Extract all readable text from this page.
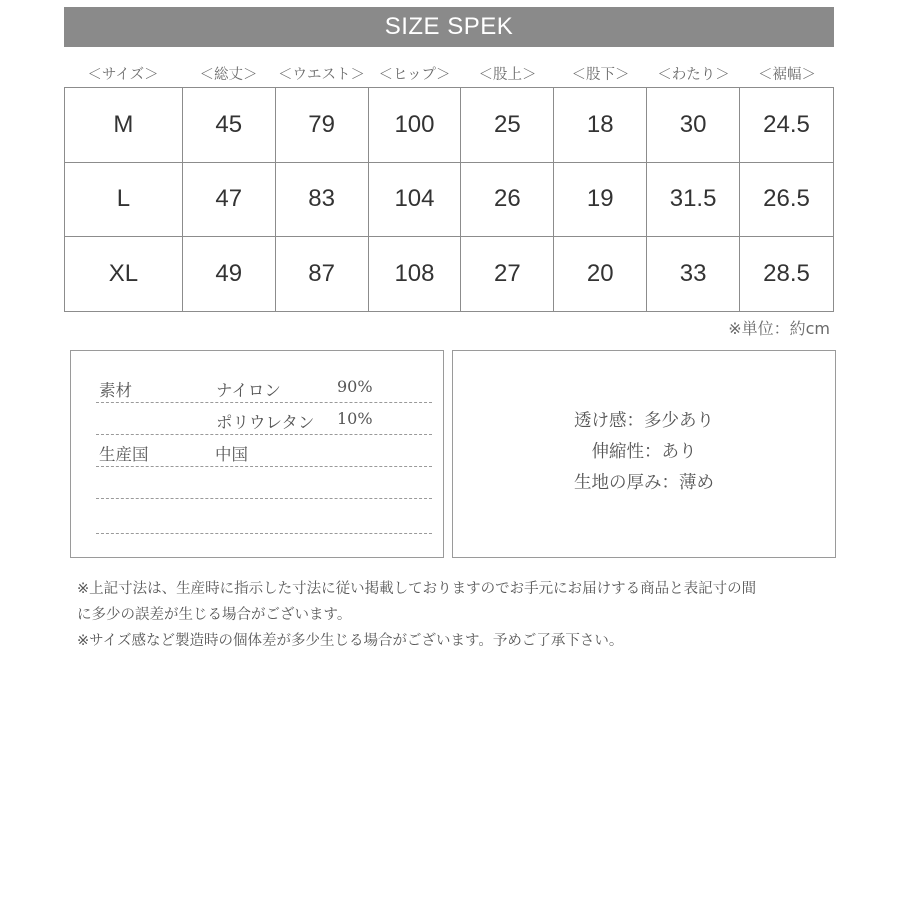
SIZE SPEK
＜サイズ＞	＜総丈＞	＜ウエスト＞ ＜ヒップ＞	＜股上＞	＜股下＞	＜わたり＞	＜裾幅＞
M	45	79	100	25	18	30	24.5
L	47	83	104	26	19	31.5	26.5
XL	49	87	108	27	20	33	28.5
※単位：約cm
素材	ナイロン	90%
ポリウレタン 10%
生産国	中国
透け感：多少あり
伸縮性：あり
生地の厚み：薄め
※上記寸法は、生産時に指示した寸法に従い掲載しておりますのでお手元にお届けする商品と表記寸の間
に多少の誤差が生じる場合がございます。
※サイズ感など製造時の個体差が多少生じる場合がございます。予めご了承下さい。
